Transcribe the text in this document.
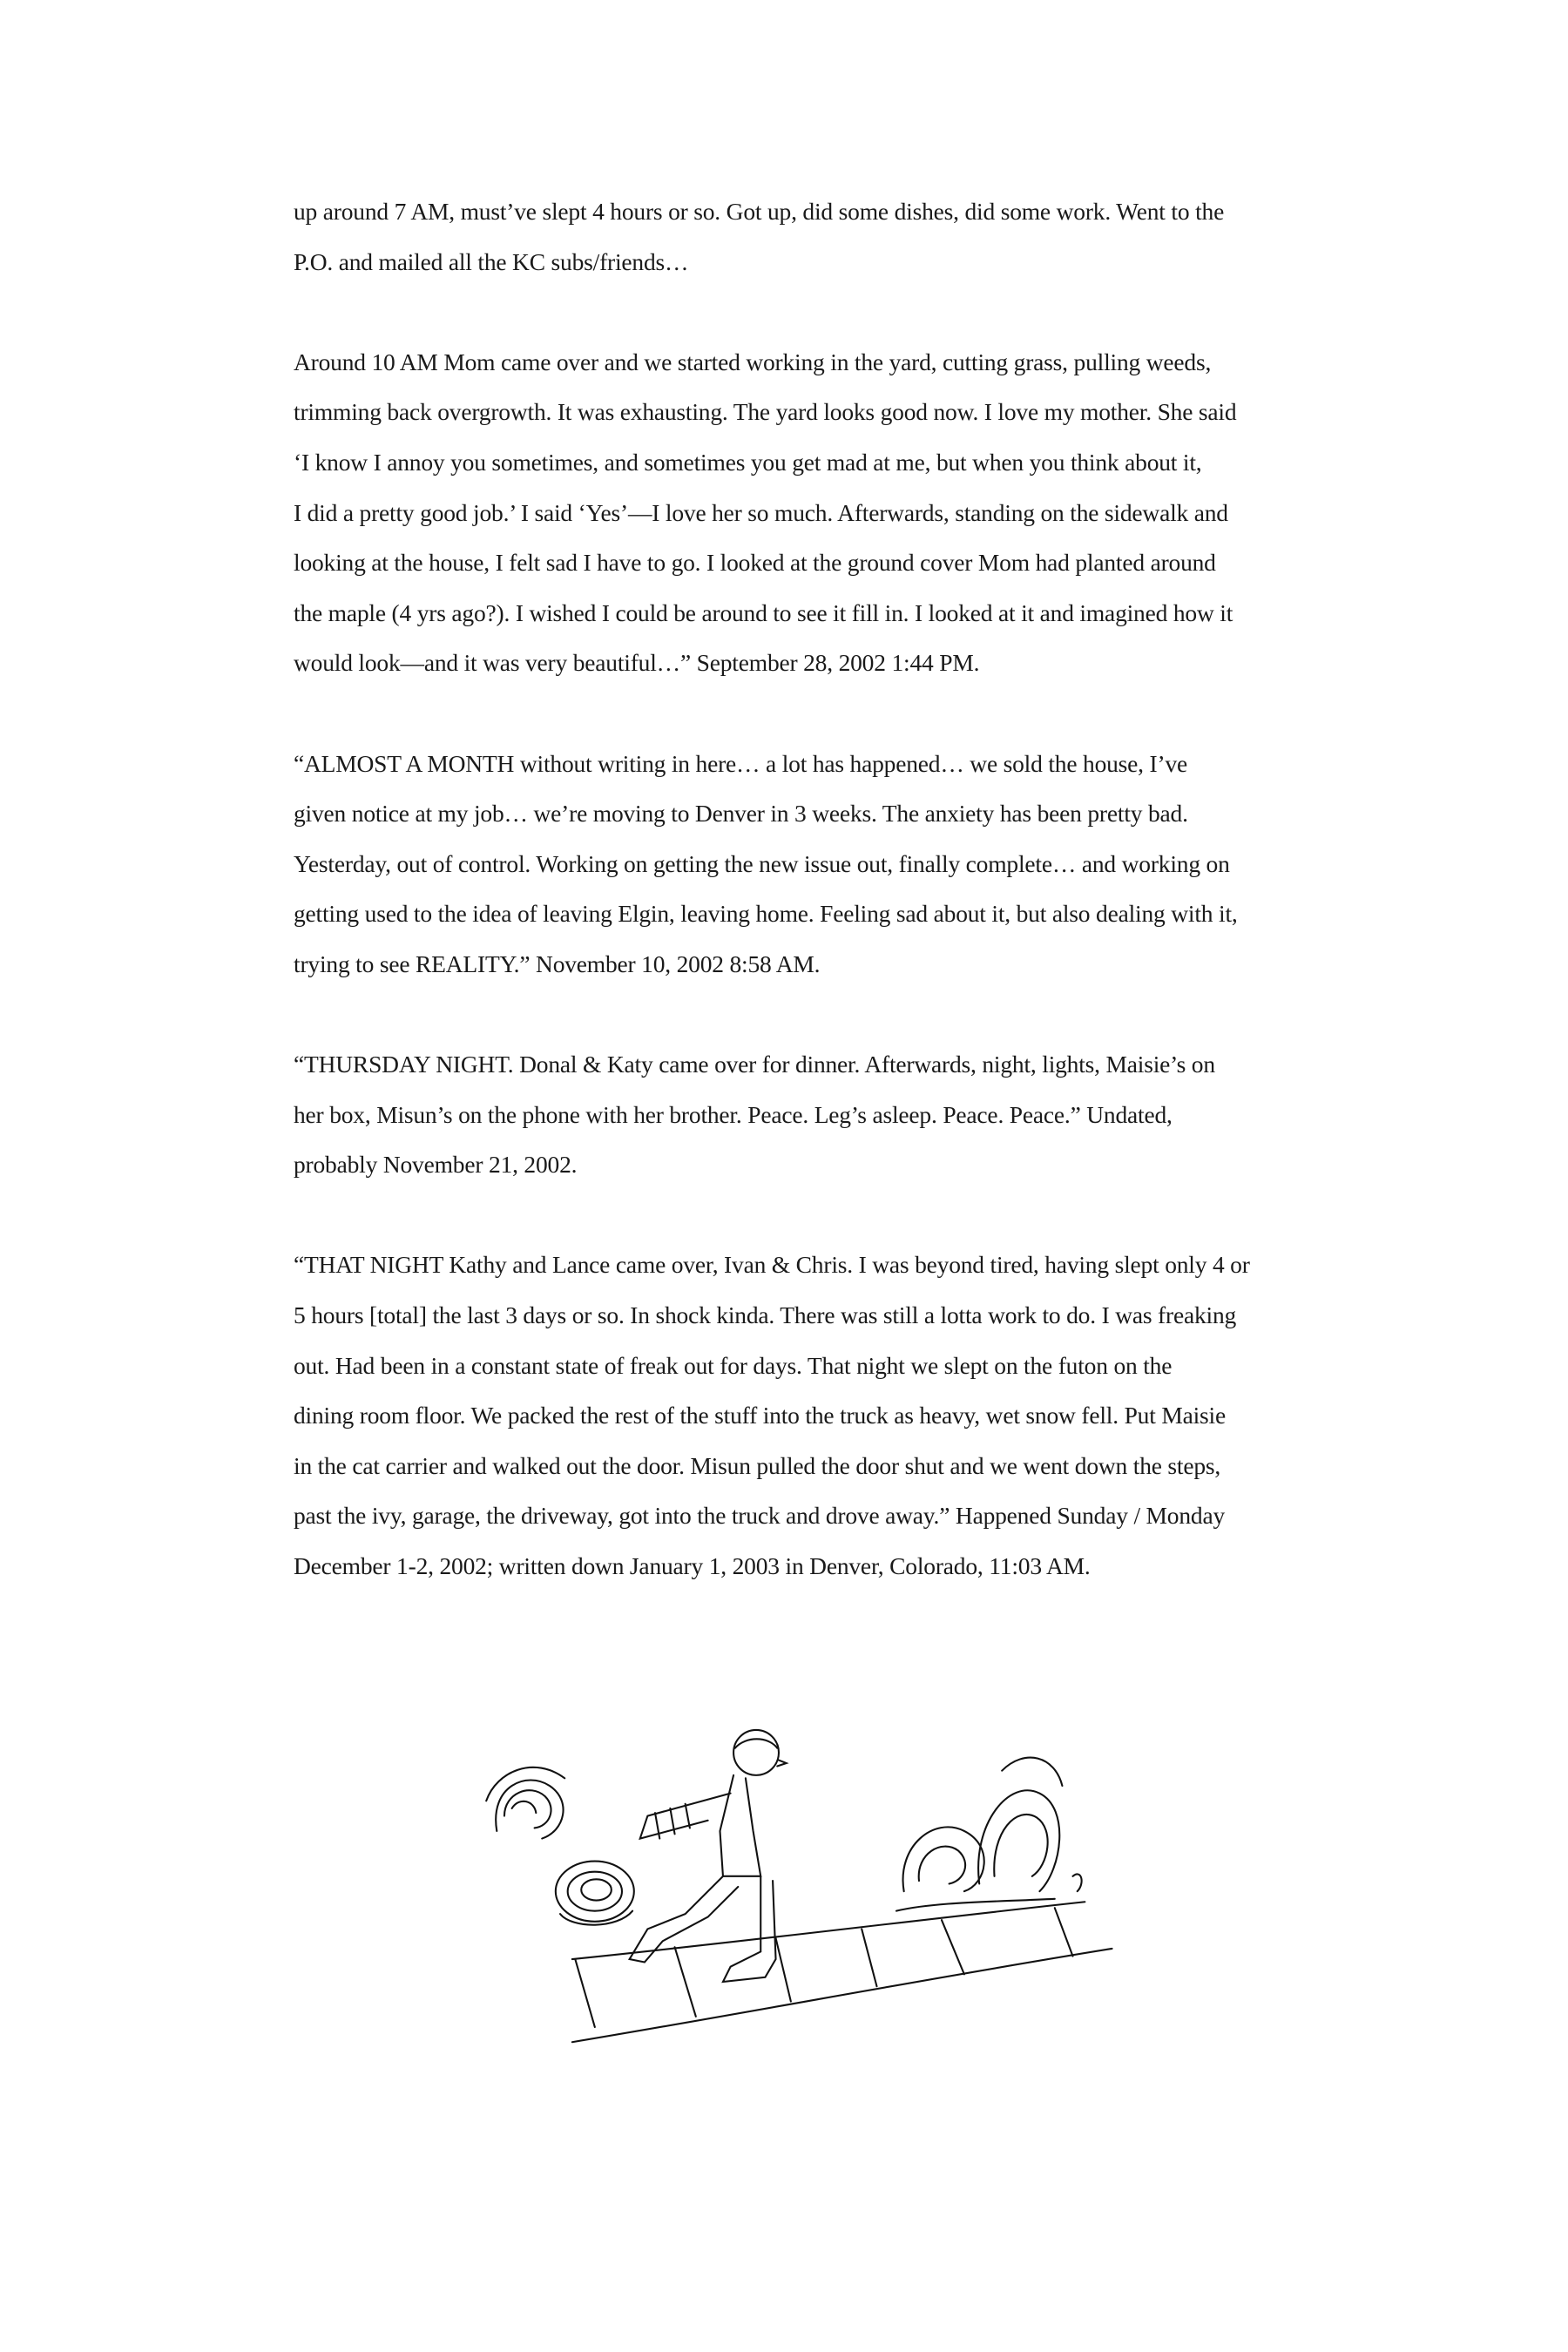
up around 7 AM, must’ve slept 4 hours or so. Got up, did some dishes, did some work. Went to the
P.O. and mailed all the KC subs/friends…
Around 10 AM Mom came over and we started working in the yard, cutting grass, pulling weeds,
trimming back overgrowth. It was exhausting. The yard looks good now. I love my mother. She said
‘I know I annoy you sometimes, and sometimes you get mad at me, but when you think about it,
I did a pretty good job.’ I said ‘Yes’—I love her so much. Afterwards, standing on the sidewalk and
looking at the house, I felt sad I have to go. I looked at the ground cover Mom had planted around
the maple (4 yrs ago?). I wished I could be around to see it fill in. I looked at it and imagined how it
would look—and it was very beautiful…” September 28, 2002 1:44 PM.
“ALMOST A MONTH without writing in here… a lot has happened… we sold the house, I’ve
given notice at my job… we’re moving to Denver in 3 weeks. The anxiety has been pretty bad.
Yesterday, out of control. Working on getting the new issue out, finally complete… and working on
getting used to the idea of leaving Elgin, leaving home. Feeling sad about it, but also dealing with it,
trying to see REALITY.” November 10, 2002 8:58 AM.
“THURSDAY NIGHT. Donal & Katy came over for dinner. Afterwards, night, lights, Maisie’s on
her box, Misun’s on the phone with her brother. Peace. Leg’s asleep. Peace. Peace.” Undated,
probably November 21, 2002.
“THAT NIGHT Kathy and Lance came over, Ivan & Chris. I was beyond tired, having slept only 4 or
5 hours [total] the last 3 days or so. In shock kinda. There was still a lotta work to do. I was freaking
out. Had been in a constant state of freak out for days. That night we slept on the futon on the
dining room floor. We packed the rest of the stuff into the truck as heavy, wet snow fell. Put Maisie
in the cat carrier and walked out the door. Misun pulled the door shut and we went down the steps,
past the ivy, garage, the driveway, got into the truck and drove away.” Happened Sunday / Monday
December 1-2, 2002; written down January 1, 2003 in Denver, Colorado, 11:03 AM.
